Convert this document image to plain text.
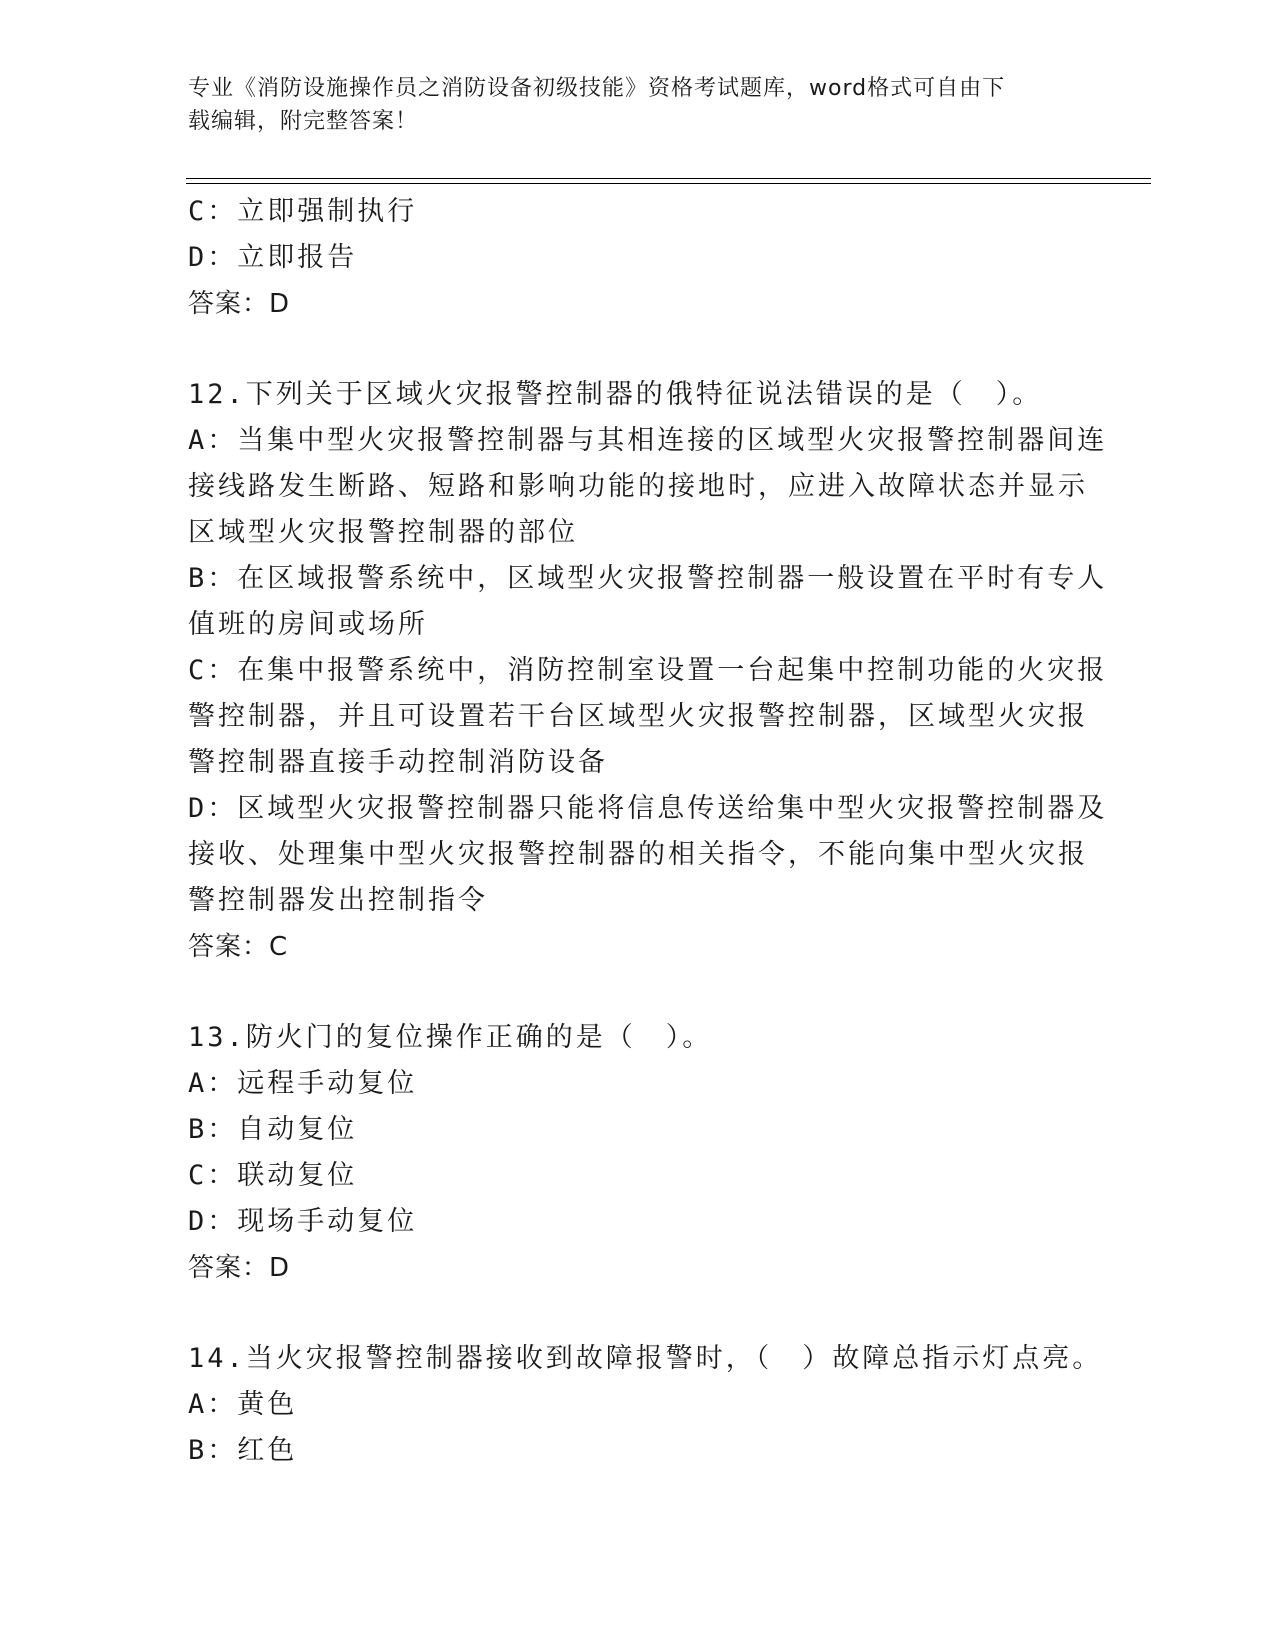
专业《消防设施操作员之消防设备初级技能》资格考试题库，word格式可自由下
载编辑，附完整答案！
C：立即强制执行
D：立即报告
答案：D
12.下列关于区域火灾报警控制器的俄特征说法错误的是（　）。
A：当集中型火灾报警控制器与其相连接的区域型火灾报警控制器间连
接线路发生断路、短路和影响功能的接地时，应进入故障状态并显示
区域型火灾报警控制器的部位
B：在区域报警系统中，区域型火灾报警控制器一般设置在平时有专人
值班的房间或场所
C：在集中报警系统中，消防控制室设置一台起集中控制功能的火灾报
警控制器，并且可设置若干台区域型火灾报警控制器，区域型火灾报
警控制器直接手动控制消防设备
D：区域型火灾报警控制器只能将信息传送给集中型火灾报警控制器及
接收、处理集中型火灾报警控制器的相关指令，不能向集中型火灾报
警控制器发出控制指令
答案：C
13.防火门的复位操作正确的是（　）。
A：远程手动复位
B：自动复位
C：联动复位
D：现场手动复位
答案：D
14.当火灾报警控制器接收到故障报警时，（　）故障总指示灯点亮。
A：黄色
B：红色
